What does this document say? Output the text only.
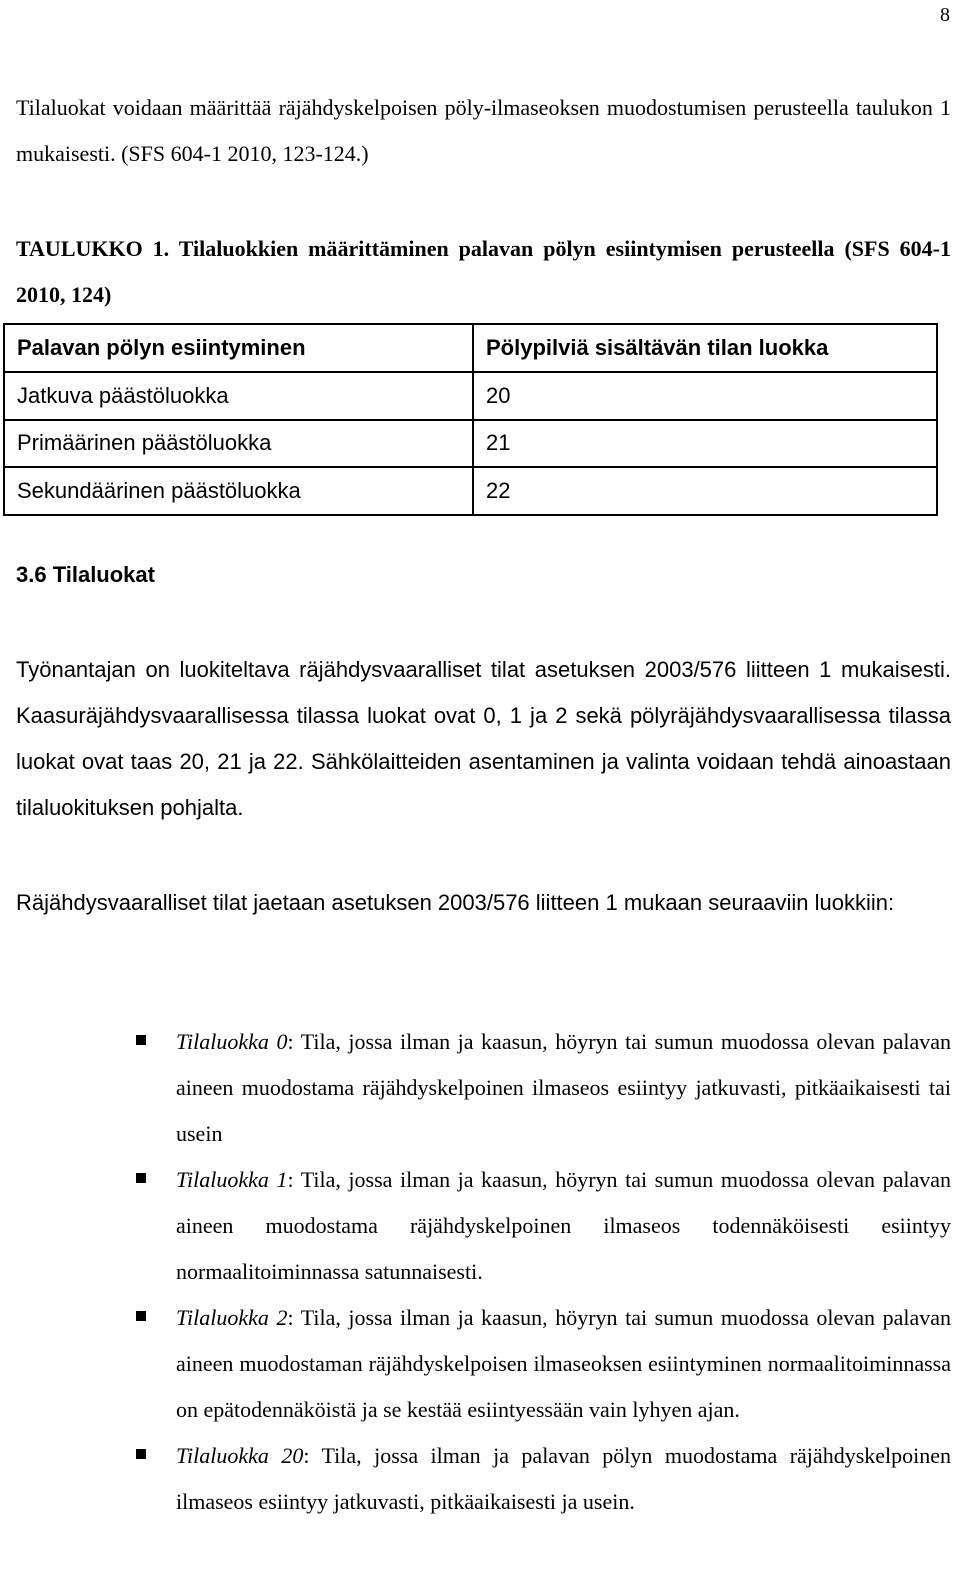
8

Tilaluokat voidaan määrittää räjähdyskelpoisen pöly-ilmaseoksen muodostumisen perusteella taulukon 1 mukaisesti. (SFS 604-1 2010, 123-124.)

TAULUKKO 1. Tilaluokkien määrittäminen palavan pölyn esiintymisen perusteella (SFS 604-1 2010, 124)
Palavan pölyn esiintyminen	Pölypilviä sisältävän tilan luokka
Jatkuva päästöluokka	20
Primäärinen päästöluokka	21
Sekundäärinen päästöluokka	22
3.6 Tilaluokat

Työnantajan on luokiteltava räjähdysvaaralliset tilat asetuksen 2003/576 liitteen 1 mukaisesti. Kaasuräjähdysvaarallisessa tilassa luokat ovat 0, 1 ja 2 sekä pölyräjähdysvaarallisessa tilassa luokat ovat taas 20, 21 ja 22. Sähkölaitteiden asentaminen ja valinta voidaan tehdä ainoastaan tilaluokituksen pohjalta.

Räjähdysvaaralliset tilat jaetaan asetuksen 2003/576 liitteen 1 mukaan seuraaviin luokkiin:

Tilaluokka 0: Tila, jossa ilman ja kaasun, höyryn tai sumun muodossa olevan palavan aineen muodostama räjähdyskelpoinen ilmaseos esiintyy jatkuvasti, pitkäaikaisesti tai usein
Tilaluokka 1: Tila, jossa ilman ja kaasun, höyryn tai sumun muodossa olevan palavan aineen muodostama räjähdyskelpoinen ilmaseos todennäköisesti esiintyy normaalitoiminnassa satunnaisesti.
Tilaluokka 2: Tila, jossa ilman ja kaasun, höyryn tai sumun muodossa olevan palavan aineen muodostaman räjähdyskelpoisen ilmaseoksen esiintyminen normaalitoiminnassa on epätodennäköistä ja se kestää esiintyessään vain lyhyen ajan.
Tilaluokka 20: Tila, jossa ilman ja palavan pölyn muodostama räjähdyskelpoinen ilmaseos esiintyy jatkuvasti, pitkäaikaisesti ja usein.
